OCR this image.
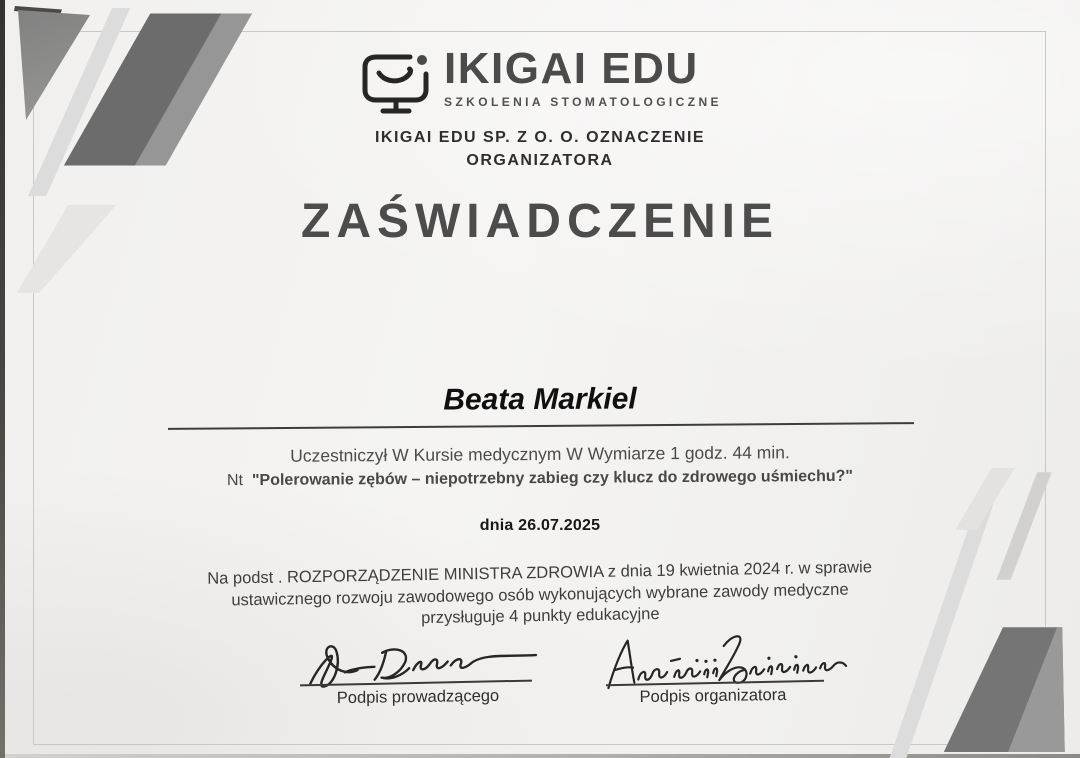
IKIGAI EDU
SZKOLENIA STOMATOLOGICZNE
IKIGAI EDU SP. Z O. O. OZNACZENIE
ORGANIZATORA
ZAŚWIADCZENIE
Beata Markiel
Uczestniczył W Kursie medycznym W Wymiarze 1 godz. 44 min.
Nt "Polerowanie zębów – niepotrzebny zabieg czy klucz do zdrowego uśmiechu?"
dnia 26.07.2025
Na podst . ROZPORZĄDZENIE MINISTRA ZDROWIA z dnia 19 kwietnia 2024 r. w sprawie
ustawicznego rozwoju zawodowego osób wykonujących wybrane zawody medyczne
przysługuje 4 punkty edukacyjne
Podpis prowadzącego	Podpis organizatora
